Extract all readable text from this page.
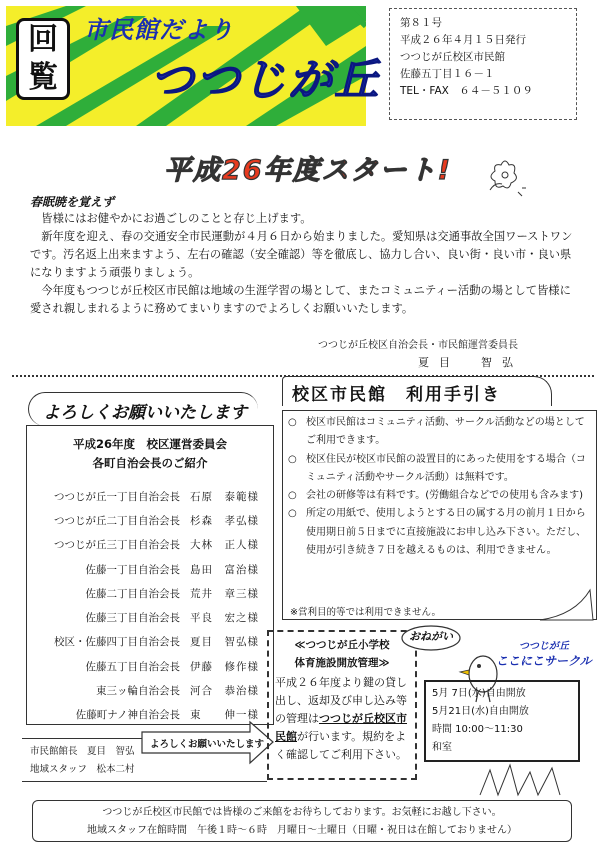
回
覧
市民館だより
つつじが丘
第８１号
平成２６年４月１５日発行
つつじが丘校区市民館
佐藤五丁目１６－１
TEL・FAX　６４－５１０９
平成26年度スタート!
春眠暁を覚えず

皆様にはお健やかにお過ごしのことと存じ上げます。

新年度を迎え、春の交通安全市民運動が４月６日から始まりました。愛知県は交通事故全国ワーストワンです。汚名返上出来ますよう、左右の確認（安全確認）等を徹底し、協力し合い、良い街・良い市・良い県になりますよう頑張りましょう。

今年度もつつじが丘校区市民館は地域の生涯学習の場として、またコミュニティー活動の場として皆様に愛され親しまれるように務めてまいりますのでよろしくお願いいたします。

つつじが丘校区自治会長・市民館運営委員長
夏目　智弘
よろしくお願いいたします
平成26年度　校区運営委員会
各町自治会長のご紹介
つつじが丘一丁目自治会長 石原　泰範様
つつじが丘二丁目自治会長 杉森　孝弘様
つつじが丘三丁目自治会長 大林　正人様
佐藤一丁目自治会長 島田　富治様
佐藤二丁目自治会長 荒井　章三様
佐藤三丁目自治会長 平良　宏之様
校区・佐藤四丁目自治会長 夏目　智弘様
佐藤五丁目自治会長 伊藤　修作様
東三ッ輪自治会長 河合　恭治様
佐藤町ナノ神自治会長 東　　伸一様
市民館館長　夏目　智弘
地域スタッフ　松本二村
よろしくお願いいたします
校区市民館　利用手引き
○ 校区市民館はコミュニティ活動、サークル活動などの場としてご利用できます。
○ 校区住民が校区市民館の設置目的にあった使用をする場合（コミュニティ活動やサークル活動）は無料です。
○ 会社の研修等は有料です。(労働組合などでの使用も含みます)
○ 所定の用紙で、使用しようとする日の属する月の前月１日から使用期日前５日までに直接施設にお申し込み下さい。ただし、使用が引き続き７日を越えるものは、利用できません。
※営利目的等では利用できません。
≪つつじが丘小学校
体育施設開放管理≫
平成２６年度より鍵の貸し出し、返却及び申し込み等の管理はつつじが丘校区市民館が行います。規約をよく確認してご利用下さい。
おねがい
つつじが丘
ここにこサークル
5月 7日(水)自由開放
5月21日(水)自由開放
時間 10:00～11:30
和室
つつじが丘校区市民館では皆様のご来館をお待ちしております。お気軽にお越し下さい。
地域スタッフ在館時間　午後１時～６時　月曜日～土曜日（日曜・祝日は在館しておりません）
